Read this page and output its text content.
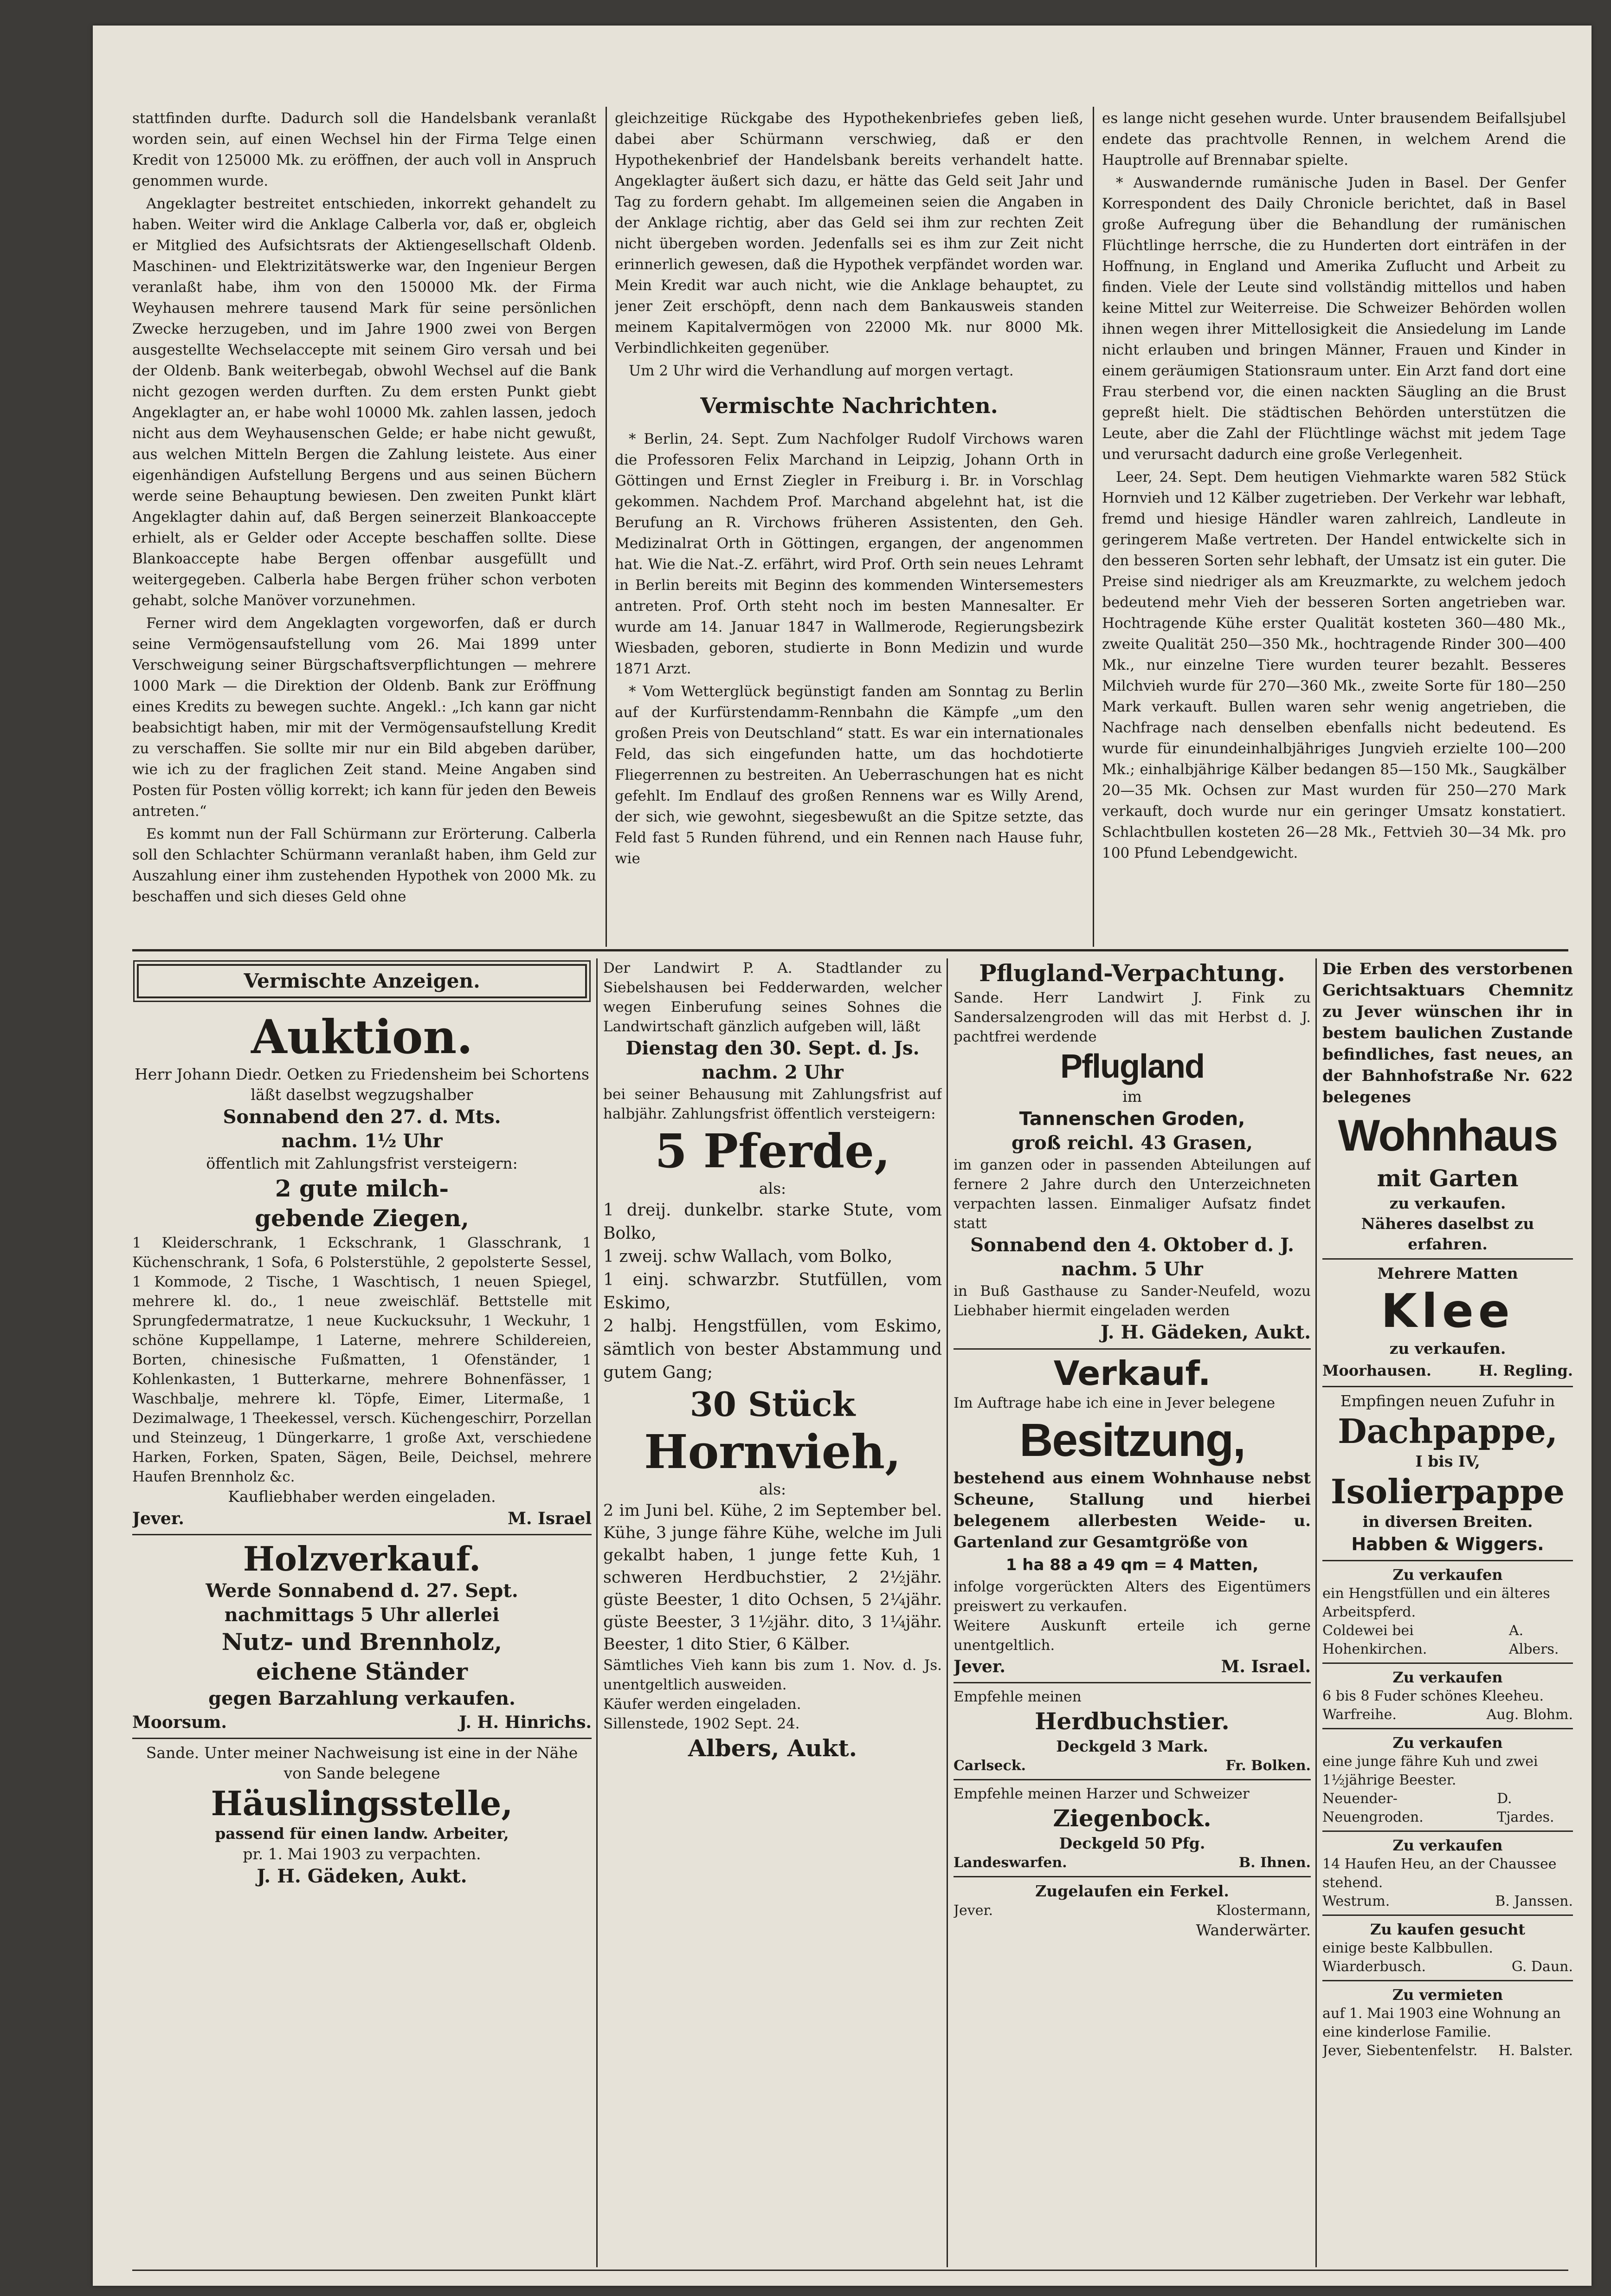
stattfinden durfte. Dadurch soll die Handelsbank veranlaßt worden sein, auf einen Wechsel hin der Firma Telge einen Kredit von 125000 Mk. zu eröffnen, der auch voll in Anspruch genommen wurde.

Angeklagter bestreitet entschieden, inkorrekt gehandelt zu haben. Weiter wird die Anklage Calberla vor, daß er, obgleich er Mitglied des Aufsichtsrats der Aktiengesellschaft Oldenb. Maschinen- und Elektrizitätswerke war, den Ingenieur Bergen veranlaßt habe, ihm von den 150000 Mk. der Firma Weyhausen mehrere tausend Mark für seine persönlichen Zwecke herzugeben, und im Jahre 1900 zwei von Bergen ausgestellte Wechselaccepte mit seinem Giro versah und bei der Oldenb. Bank weiterbegab, obwohl Wechsel auf die Bank nicht gezogen werden durften. Zu dem ersten Punkt giebt Angeklagter an, er habe wohl 10000 Mk. zahlen lassen, jedoch nicht aus dem Weyhausenschen Gelde; er habe nicht gewußt, aus welchen Mitteln Bergen die Zahlung leistete. Aus einer eigenhändigen Aufstellung Bergens und aus seinen Büchern werde seine Behauptung bewiesen. Den zweiten Punkt klärt Angeklagter dahin auf, daß Bergen seinerzeit Blankoaccepte erhielt, als er Gelder oder Accepte beschaffen sollte. Diese Blankoaccepte habe Bergen offenbar ausgefüllt und weitergegeben. Calberla habe Bergen früher schon verboten gehabt, solche Manöver vorzunehmen.

Ferner wird dem Angeklagten vorgeworfen, daß er durch seine Vermögensaufstellung vom 26. Mai 1899 unter Verschweigung seiner Bürgschaftsverpflichtungen — mehrere 1000 Mark — die Direktion der Oldenb. Bank zur Eröffnung eines Kredits zu bewegen suchte. Angekl.: „Ich kann gar nicht beabsichtigt haben, mir mit der Vermögensaufstellung Kredit zu verschaffen. Sie sollte mir nur ein Bild abgeben darüber, wie ich zu der fraglichen Zeit stand. Meine Angaben sind Posten für Posten völlig korrekt; ich kann für jeden den Beweis antreten.“

Es kommt nun der Fall Schürmann zur Erörterung. Calberla soll den Schlachter Schürmann veranlaßt haben, ihm Geld zur Auszahlung einer ihm zustehenden Hypothek von 2000 Mk. zu beschaffen und sich dieses Geld ohne

gleichzeitige Rückgabe des Hypothekenbriefes geben ließ, dabei aber Schürmann verschwieg, daß er den Hypothekenbrief der Handelsbank bereits verhandelt hatte. Angeklagter äußert sich dazu, er hätte das Geld seit Jahr und Tag zu fordern gehabt. Im allgemeinen seien die Angaben in der Anklage richtig, aber das Geld sei ihm zur rechten Zeit nicht übergeben worden. Jedenfalls sei es ihm zur Zeit nicht erinnerlich gewesen, daß die Hypothek verpfändet worden war. Mein Kredit war auch nicht, wie die Anklage behauptet, zu jener Zeit erschöpft, denn nach dem Bankausweis standen meinem Kapitalvermögen von 22000 Mk. nur 8000 Mk. Verbindlichkeiten gegenüber.

Um 2 Uhr wird die Verhandlung auf morgen vertagt.

Vermischte Nachrichten.

* Berlin, 24. Sept. Zum Nachfolger Rudolf Virchows waren die Professoren Felix Marchand in Leipzig, Johann Orth in Göttingen und Ernst Ziegler in Freiburg i. Br. in Vorschlag gekommen. Nachdem Prof. Marchand abgelehnt hat, ist die Berufung an R. Virchows früheren Assistenten, den Geh. Medizinalrat Orth in Göttingen, ergangen, der angenommen hat. Wie die Nat.-Z. erfährt, wird Prof. Orth sein neues Lehramt in Berlin bereits mit Beginn des kommenden Wintersemesters antreten. Prof. Orth steht noch im besten Mannesalter. Er wurde am 14. Januar 1847 in Wallmerode, Regierungsbezirk Wiesbaden, geboren, studierte in Bonn Medizin und wurde 1871 Arzt.

* Vom Wetterglück begünstigt fanden am Sonntag zu Berlin auf der Kurfürstendamm-Rennbahn die Kämpfe „um den großen Preis von Deutschland“ statt. Es war ein internationales Feld, das sich eingefunden hatte, um das hochdotierte Fliegerrennen zu bestreiten. An Ueberraschungen hat es nicht gefehlt. Im Endlauf des großen Rennens war es Willy Arend, der sich, wie gewohnt, siegesbewußt an die Spitze setzte, das Feld fast 5 Runden führend, und ein Rennen nach Hause fuhr, wie

es lange nicht gesehen wurde. Unter brausendem Beifallsjubel endete das prachtvolle Rennen, in welchem Arend die Hauptrolle auf Brennabar spielte.

* Auswandernde rumänische Juden in Basel. Der Genfer Korrespondent des Daily Chronicle berichtet, daß in Basel große Aufregung über die Behandlung der rumänischen Flüchtlinge herrsche, die zu Hunderten dort einträfen in der Hoffnung, in England und Amerika Zuflucht und Arbeit zu finden. Viele der Leute sind vollständig mittellos und haben keine Mittel zur Weiterreise. Die Schweizer Behörden wollen ihnen wegen ihrer Mittellosigkeit die Ansiedelung im Lande nicht erlauben und bringen Männer, Frauen und Kinder in einem geräumigen Stationsraum unter. Ein Arzt fand dort eine Frau sterbend vor, die einen nackten Säugling an die Brust gepreßt hielt. Die städtischen Behörden unterstützen die Leute, aber die Zahl der Flüchtlinge wächst mit jedem Tage und verursacht dadurch eine große Verlegenheit.

Leer, 24. Sept. Dem heutigen Viehmarkte waren 582 Stück Hornvieh und 12 Kälber zugetrieben. Der Verkehr war lebhaft, fremd und hiesige Händler waren zahlreich, Landleute in geringerem Maße vertreten. Der Handel entwickelte sich in den besseren Sorten sehr lebhaft, der Umsatz ist ein guter. Die Preise sind niedriger als am Kreuzmarkte, zu welchem jedoch bedeutend mehr Vieh der besseren Sorten angetrieben war. Hochtragende Kühe erster Qualität kosteten 360—480 Mk., zweite Qualität 250—350 Mk., hochtragende Rinder 300—400 Mk., nur einzelne Tiere wurden teurer bezahlt. Besseres Milchvieh wurde für 270—360 Mk., zweite Sorte für 180—250 Mark verkauft. Bullen waren sehr wenig angetrieben, die Nachfrage nach denselben ebenfalls nicht bedeutend. Es wurde für einundeinhalbjähriges Jungvieh erzielte 100—200 Mk.; einhalbjährige Kälber bedangen 85—150 Mk., Saugkälber 20—35 Mk. Ochsen zur Mast wurden für 250—270 Mark verkauft, doch wurde nur ein geringer Umsatz konstatiert. Schlachtbullen kosteten 26—28 Mk., Fettvieh 30—34 Mk. pro 100 Pfund Lebendgewicht.

Vermischte Anzeigen.

Auktion.

Herr Johann Diedr. Oetken zu Friedensheim bei Schortens läßt daselbst wegzugshalber

Sonnabend den 27. d. Mts.

nachm. 1½ Uhr

öffentlich mit Zahlungsfrist versteigern:

2 gute milch-

gebende Ziegen,

1 Kleiderschrank, 1 Eckschrank, 1 Glasschrank, 1 Küchenschrank, 1 Sofa, 6 Polsterstühle, 2 gepolsterte Sessel, 1 Kommode, 2 Tische, 1 Waschtisch, 1 neuen Spiegel, mehrere kl. do., 1 neue zweischläf. Bettstelle mit Sprungfedermatratze, 1 neue Kuckucksuhr, 1 Weckuhr, 1 schöne Kuppellampe, 1 Laterne, mehrere Schildereien, Borten, chinesische Fußmatten, 1 Ofenständer, 1 Kohlenkasten, 1 Butterkarne, mehrere Bohnenfässer, 1 Waschbalje, mehrere kl. Töpfe, Eimer, Litermaße, 1 Dezimalwage, 1 Theekessel, versch. Küchengeschirr, Porzellan und Steinzeug, 1 Düngerkarre, 1 große Axt, verschiedene Harken, Forken, Spaten, Sägen, Beile, Deichsel, mehrere Haufen Brennholz &c.

Kaufliebhaber werden eingeladen.

Jever.	M. Israel

Holzverkauf.

Werde Sonnabend d. 27. Sept.

nachmittags 5 Uhr allerlei

Nutz- und Brennholz,

eichene Ständer

gegen Barzahlung verkaufen.

Moorsum.	J. H. Hinrichs.

Sande. Unter meiner Nachweisung ist eine in der Nähe von Sande belegene

Häuslingsstelle,

passend für einen landw. Arbeiter,

pr. 1. Mai 1903 zu verpachten.

J. H. Gädeken, Aukt.

Der Landwirt P. A. Stadtlander zu Siebelshausen bei Fedderwarden, welcher wegen Einberufung seines Sohnes die Landwirtschaft gänzlich aufgeben will, läßt

Dienstag den 30. Sept. d. Js.

nachm. 2 Uhr

bei seiner Behausung mit Zahlungsfrist auf halbjähr. Zahlungsfrist öffentlich versteigern:

5 Pferde,

als:

1 dreij. dunkelbr. starke Stute, vom Bolko,

1 zweij. schw Wallach, vom Bolko,

1 einj. schwarzbr. Stutfüllen, vom Eskimo,

2 halbj. Hengstfüllen, vom Eskimo, sämtlich von bester Abstammung und gutem Gang;

30 Stück

Hornvieh,

als:

2 im Juni bel. Kühe, 2 im September bel. Kühe, 3 junge fähre Kühe, welche im Juli gekalbt haben, 1 junge fette Kuh, 1 schweren Herdbuchstier, 2 2½jähr. güste Beester, 1 dito Ochsen, 5 2¼jähr. güste Beester, 3 1½jähr. dito, 3 1¼jähr. Beester, 1 dito Stier, 6 Kälber.

Sämtliches Vieh kann bis zum 1. Nov. d. Js. unentgeltlich ausweiden.

Käufer werden eingeladen.

Sillenstede, 1902 Sept. 24.

Albers, Aukt.

Pflugland-Verpachtung.

Sande. Herr Landwirt J. Fink zu Sandersalzengroden will das mit Herbst d. J. pachtfrei werdende

Pflugland

im

Tannenschen Groden,

groß reichl. 43 Grasen,

im ganzen oder in passenden Abteilungen auf fernere 2 Jahre durch den Unterzeichneten verpachten lassen. Einmaliger Aufsatz findet statt

Sonnabend den 4. Oktober d. J.

nachm. 5 Uhr

in Buß Gasthause zu Sander-Neufeld, wozu Liebhaber hiermit eingeladen werden

J. H. Gädeken, Aukt.

Verkauf.

Im Auftrage habe ich eine in Jever belegene

Besitzung,

bestehend aus einem Wohnhause nebst Scheune, Stallung und hierbei belegenem allerbesten Weide- u. Gartenland zur Gesamtgröße von

1 ha 88 a 49 qm = 4 Matten,

infolge vorgerückten Alters des Eigentümers preiswert zu verkaufen.

Weitere Auskunft erteile ich gerne unentgeltlich.

Jever.	M. Israel.

Empfehle meinen

Herdbuchstier.

Deckgeld 3 Mark.

Carlseck.	Fr. Bolken.

Empfehle meinen Harzer und Schweizer

Ziegenbock.

Deckgeld 50 Pfg.

Landeswarfen.	B. Ihnen.

Zugelaufen ein Ferkel.

Jever.	Klostermann,

Wanderwärter.

Die Erben des verstorbenen Gerichtsaktuars Chemnitz zu Jever wünschen ihr in bestem baulichen Zustande befindliches, fast neues, an der Bahnhofstraße Nr. 622 belegenes

Wohnhaus

mit Garten

zu verkaufen.

Näheres daselbst zu erfahren.

Mehrere Matten

Klee

zu verkaufen.

Moorhausen.	H. Regling.

Empfingen neuen Zufuhr in

Dachpappe,

I bis IV,

Isolierpappe

in diversen Breiten.

Habben & Wiggers.

Zu verkaufen
ein Hengstfüllen und ein älteres Arbeitspferd.
Coldewei bei Hohenkirchen.
A. Albers.
Zu verkaufen
6 bis 8 Fuder schönes Kleeheu.
Warfreihe.	Aug. Blohm.
Zu verkaufen
eine junge fähre Kuh und zwei 1½jährige Beester.
Neuender-Neuengroden.
D. Tjardes.
Zu verkaufen
14 Haufen Heu, an der Chaussee stehend.
Westrum.	B. Janssen.
Zu kaufen gesucht
einige beste Kalbbullen.
Wiarderbusch.	G. Daun.
Zu vermieten
auf 1. Mai 1903 eine Wohnung an eine kinderlose Familie.
Jever, Siebentenfelstr. H. Balster.
